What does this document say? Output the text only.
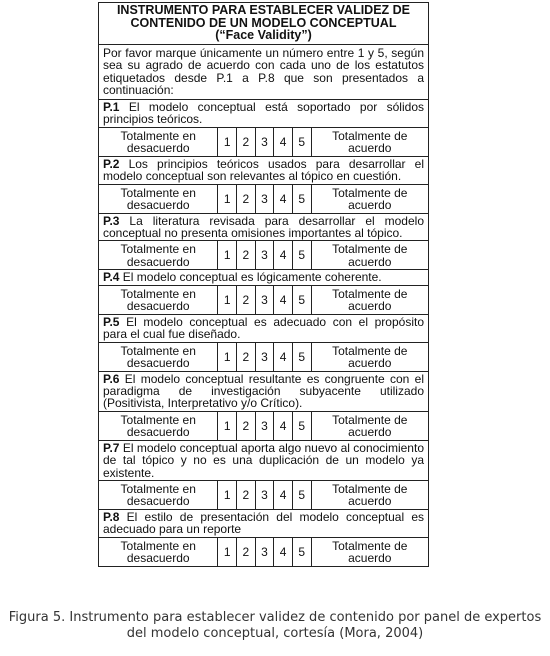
INSTRUMENTO PARA ESTABLECER VALIDEZ DE
CONTENIDO DE UN MODELO CONCEPTUAL
(“Face Validity”)
Por favor marque únicamente un número entre 1 y 5, según sea su agrado de acuerdo con cada uno de los estatutos etiquetados desde P.1 a P.8 que son presentados a continuación:
P.1 El modelo conceptual está soportado por sólidos principios teóricos.
Totalmente en
desacuerdo	1 2 3 4 5	Totalmente de
acuerdo
P.2 Los principios teóricos usados para desarrollar el modelo conceptual son relevantes al tópico en cuestión.
Totalmente en
desacuerdo	1 2 3 4 5	Totalmente de
acuerdo
P.3 La literatura revisada para desarrollar el modelo conceptual no presenta omisiones importantes al tópico.
Totalmente en
desacuerdo	1 2 3 4 5	Totalmente de
acuerdo
P.4 El modelo conceptual es lógicamente coherente.
Totalmente en
desacuerdo	1 2 3 4 5	Totalmente de
acuerdo
P.5 El modelo conceptual es adecuado con el propósito para el cual fue diseñado.
Totalmente en
desacuerdo	1 2 3 4 5	Totalmente de
acuerdo
P.6 El modelo conceptual resultante es congruente con el paradigma de investigación subyacente utilizado (Positivista, Interpretativo y/o Crítico).
Totalmente en
desacuerdo	1 2 3 4 5	Totalmente de
acuerdo
P.7 El modelo conceptual aporta algo nuevo al conocimiento de tal tópico y no es una duplicación de un modelo ya existente.
Totalmente en
desacuerdo	1 2 3 4 5	Totalmente de
acuerdo
P.8 El estilo de presentación del modelo conceptual es adecuado para un reporte
Totalmente en
desacuerdo	1 2 3 4 5	Totalmente de
acuerdo
Figura 5. Instrumento para establecer validez de contenido por panel de expertos
del modelo conceptual, cortesía (Mora, 2004)
